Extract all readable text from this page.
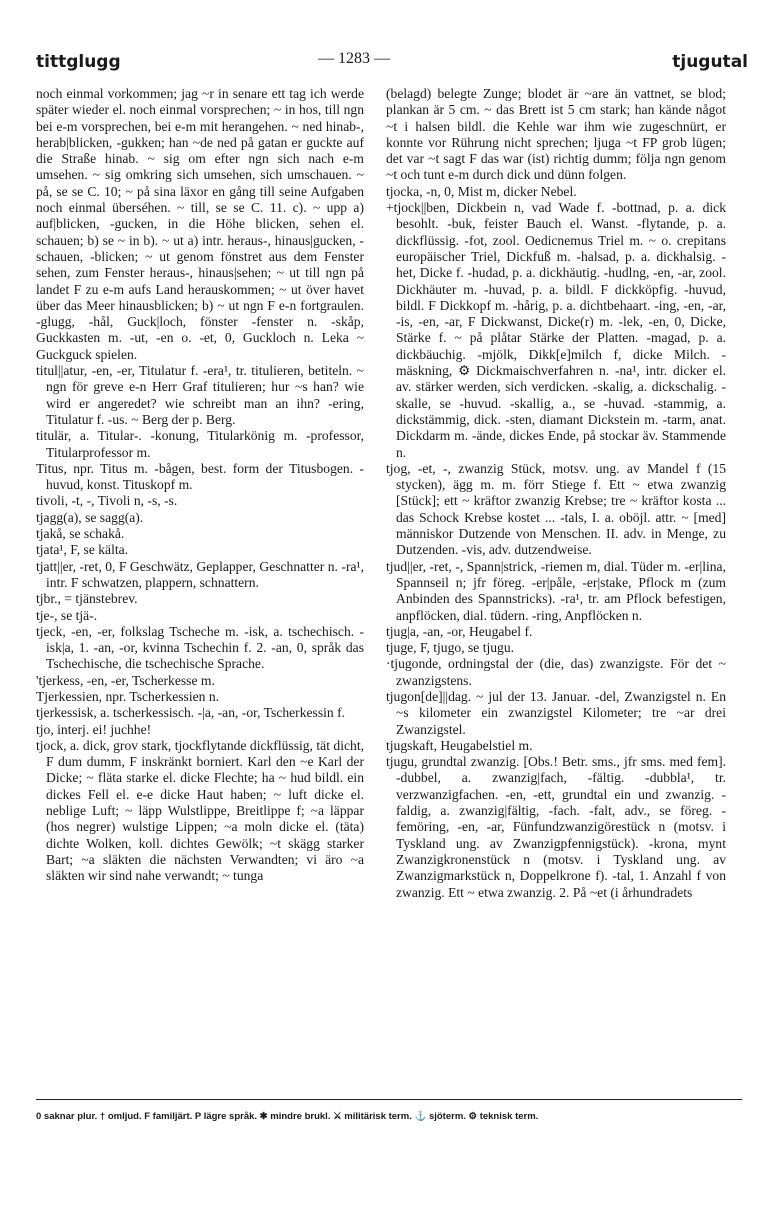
tittglugg	— 1283 —	tjugutal

noch einmal vorkommen; jag ~r in senare ett tag ich werde später wieder el. noch einmal vorsprechen; ~ in hos, till ngn bei e-m vorsprechen, bei e-m mit herangehen. ~ ned hinab-, herab|blicken, -gukken; han ~de ned på gatan er guckte auf die Straße hinab. ~ sig om efter ngn sich nach e-m umsehen. ~ sig omkring sich umsehen, sich umschauen. ~ på, se se C. 10; ~ på sina läxor en gång till seine Aufgaben noch einmal überséhen. ~ till, se se C. 11. c). ~ upp a) auf|blicken, -gucken, in die Höhe blicken, sehen el. schauen; b) se ~ in b). ~ ut a) intr. heraus-, hinaus|gucken, -schauen, -blicken; ~ ut genom fönstret aus dem Fenster sehen, zum Fenster heraus-, hinaus|sehen; ~ ut till ngn på landet F zu e-m aufs Land herauskommen; ~ ut över havet über das Meer hinausblicken; b) ~ ut ngn F e-n fortgraulen. -glugg, -hål, Guck|loch, fönster -fenster n. -skåp, Guckkasten m. -ut, -en o. -et, 0, Guckloch n. Leka ~ Guckguck spielen.

titul||atur, -en, -er, Titulatur f. -era¹, tr. titulieren, betiteln. ~ ngn för greve e-n Herr Graf titulieren; hur ~s han? wie wird er angeredet? wie schreibt man an ihn? -ering, Titulatur f. -us. ~ Berg der p. Berg.

titulär, a. Titular-. -konung, Titularkönig m. -professor, Titularprofessor m.

Titus, npr. Titus m. -bågen, best. form der Titusbogen. -huvud, konst. Tituskopf m.

tivoli, -t, -, Tivoli n, -s, -s.

tjagg(a), se sagg(a).

tjakå, se schakå.

tjata¹, F, se kälta.

tjatt||er, -ret, 0, F Geschwätz, Geplapper, Geschnatter n. -ra¹, intr. F schwatzen, plappern, schnattern.

tjbr., = tjänstebrev.

tje-, se tjä-.

tjeck, -en, -er, folkslag Tscheche m. -isk, a. tschechisch. -isk|a, 1. -an, -or, kvinna Tschechin f. 2. -an, 0, språk das Tschechische, die tschechische Sprache.

'tjerkess, -en, -er, Tscherkesse m.

Tjerkessien, npr. Tscherkessien n.

tjerkessisk, a. tscherkessisch. -|a, -an, -or, Tscherkessin f.

tjo, interj. ei! juchhe!

tjock, a. dick, grov stark, tjockflytande dickflüssig, tät dicht, F dum dumm, F inskränkt borniert. Karl den ~e Karl der Dicke; ~ fläta starke el. dicke Flechte; ha ~ hud bildl. ein dickes Fell el. e-e dicke Haut haben; ~ luft dicke el. neblige Luft; ~ läpp Wulstlippe, Breitlippe f; ~a läppar (hos negrer) wulstige Lippen; ~a moln dicke el. (täta) dichte Wolken, koll. dichtes Gewölk; ~t skägg starker Bart; ~a släkten die nächsten Verwandten; vi äro ~a släkten wir sind nahe verwandt; ~ tunga

(belagd) belegte Zunge; blodet är ~are än vattnet, se blod; plankan är 5 cm. ~ das Brett ist 5 cm stark; han kände något ~t i halsen bildl. die Kehle war ihm wie zugeschnürt, er konnte vor Rührung nicht sprechen; ljuga ~t FP grob lügen; det var ~t sagt F das war (ist) richtig dumm; följa ngn genom ~t och tunt e-m durch dick und dünn folgen.

tjocka, -n, 0, Mist m, dicker Nebel.

+tjock||ben, Dickbein n, vad Wade f. -bottnad, p. a. dick besohlt. -buk, feister Bauch el. Wanst. -flytande, p. a. dickflüssig. -fot, zool. Oedicnemus Triel m. ~ o. crepitans europäischer Triel, Dickfuß m. -halsad, p. a. dickhalsig. -het, Dicke f. -hudad, p. a. dickhäutig. -hudlng, -en, -ar, zool. Dickhäuter m. -huvad, p. a. bildl. F dickköpfig. -huvud, bildl. F Dickkopf m. -hårig, p. a. dichtbehaart. -ing, -en, -ar, -is, -en, -ar, F Dickwanst, Dicke(r) m. -lek, -en, 0, Dicke, Stärke f. ~ på plåtar Stärke der Platten. -magad, p. a. dickbäuchig. -mjölk, Dikk[e]milch f, dicke Milch. -mäskning, ⚙ Dickmaischverfahren n. -na¹, intr. dicker el. av. stärker werden, sich verdicken. -skalig, a. dickschalig. -skalle, se -huvud. -skallig, a., se -huvad. -stammig, a. dickstämmig, dick. -sten, diamant Dickstein m. -tarm, anat. Dickdarm m. -ände, dickes Ende, på stockar äv. Stammende n.

tjog, -et, -, zwanzig Stück, motsv. ung. av Mandel f (15 stycken), ägg m. m. förr Stiege f. Ett ~ etwa zwanzig [Stück]; ett ~ kräftor zwanzig Krebse; tre ~ kräftor kosta ... das Schock Krebse kostet ... -tals, I. a. oböjl. attr. ~ [med] människor Dutzende von Menschen. II. adv. in Menge, zu Dutzenden. -vis, adv. dutzendweise.

tjud||er, -ret, -, Spann|strick, -riemen m, dial. Tüder m. -er|lina, Spannseil n; jfr föreg. -er|påle, -er|stake, Pflock m (zum Anbinden des Spannstricks). -ra¹, tr. am Pflock befestigen, anpflöcken, dial. tüdern. -ring, Anpflöcken n.

tjug|a, -an, -or, Heugabel f.

tjuge, F, tjugo, se tjugu.

·tjugonde, ordningstal der (die, das) zwanzigste. För det ~ zwanzigstens.

tjugon[de]||dag. ~ jul der 13. Januar. -del, Zwanzigstel n. En ~s kilometer ein zwanzigstel Kilometer; tre ~ar drei Zwanzigstel.

tjugskaft, Heugabelstiel m.

tjugu, grundtal zwanzig. [Obs.! Betr. sms., jfr sms. med fem]. -dubbel, a. zwanzig|fach, -fältig. -dubbla¹, tr. verzwanzigfachen. -en, -ett, grundtal ein und zwanzig. -faldig, a. zwanzig|fältig, -fach. -falt, adv., se föreg. -femöring, -en, -ar, Fünfundzwanzigörestück n (motsv. i Tyskland ung. av Zwanzigpfennigstück). -krona, mynt Zwanzigkronenstück n (motsv. i Tyskland ung. av Zwanzigmarkstück n, Doppelkrone f). -tal, 1. Anzahl f von zwanzig. Ett ~ etwa zwanzig. 2. På ~et (i århundradets

0 saknar plur. † omljud. F familjärt. P lägre språk. ✱ mindre brukl. ⚔ militärisk term. ⚓ sjöterm. ⚙ teknisk term.
